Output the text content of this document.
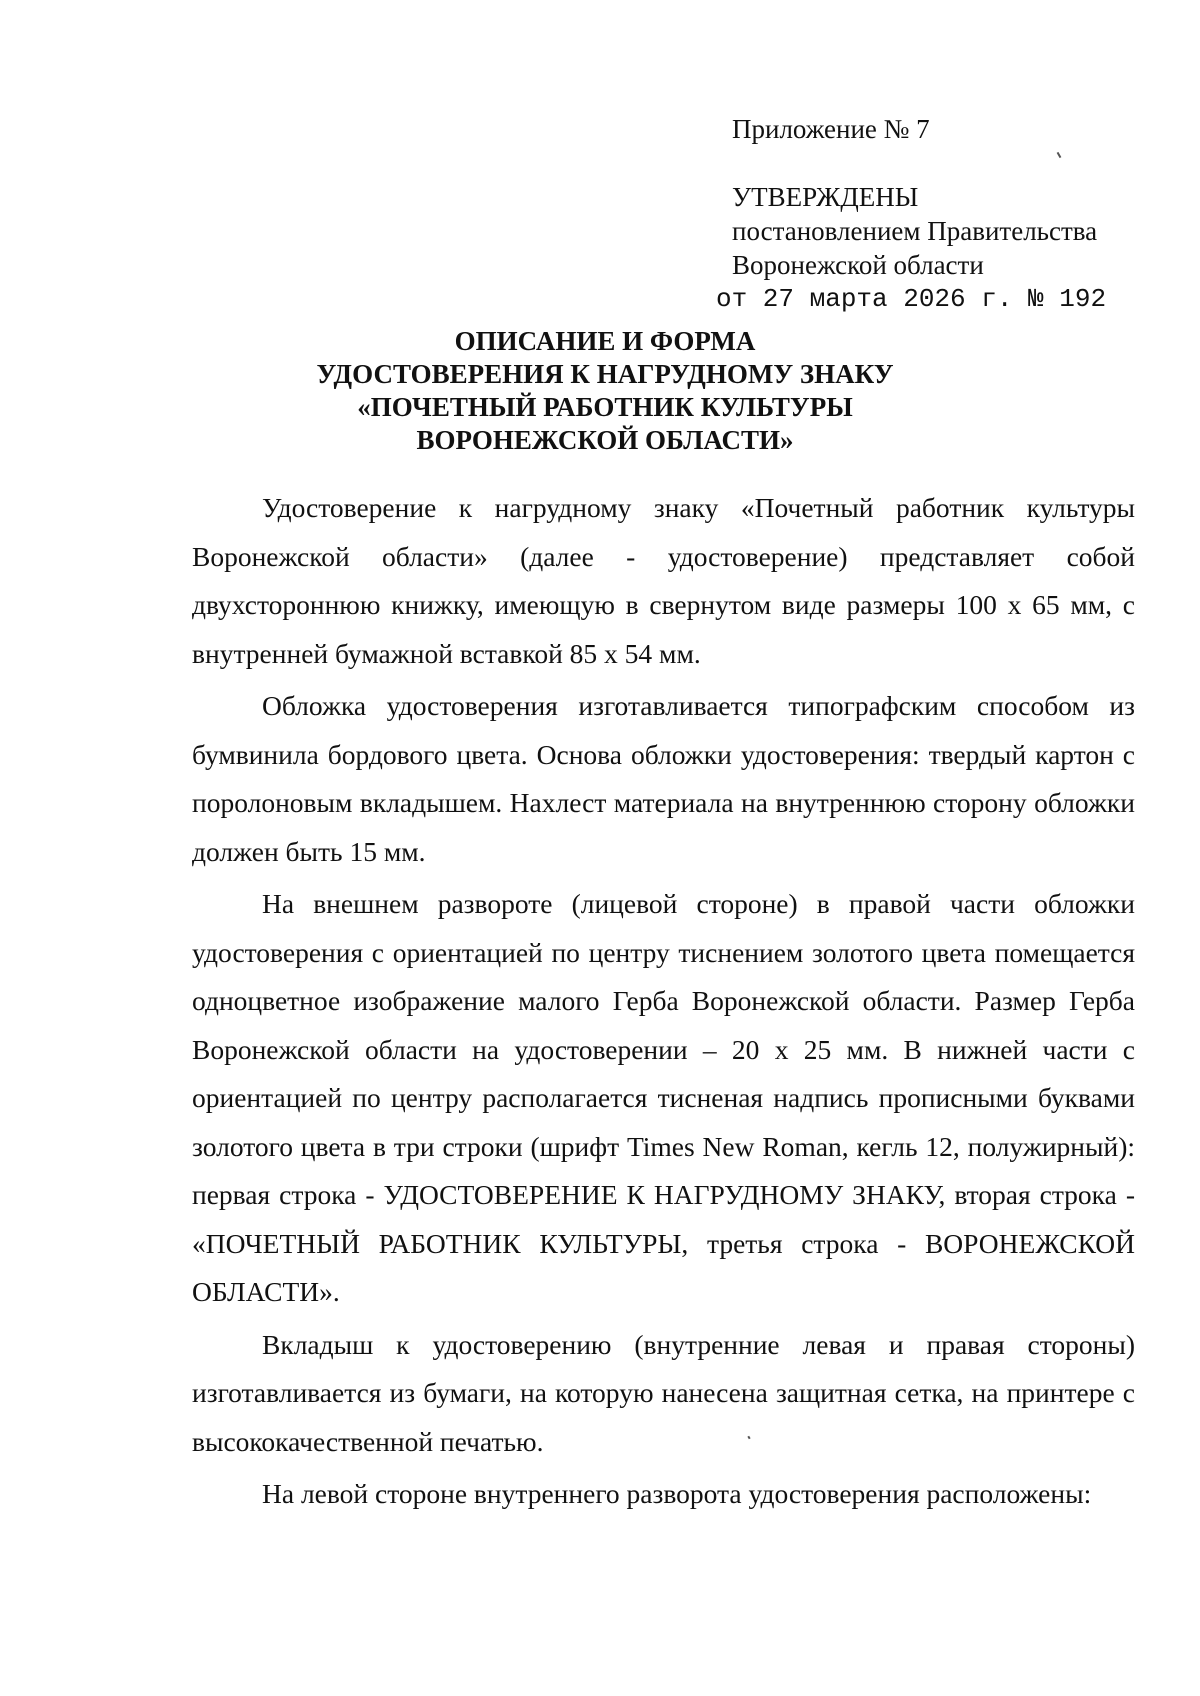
Приложение № 7
УТВЕРЖДЕНЫ
постановлением Правительства
Воронежской области
от 27 марта 2026 г. № 192
ОПИСАНИЕ И ФОРМА
УДОСТОВЕРЕНИЯ К НАГРУДНОМУ ЗНАКУ
«ПОЧЕТНЫЙ РАБОТНИК КУЛЬТУРЫ
ВОРОНЕЖСКОЙ ОБЛАСТИ»

Удостоверение к нагрудному знаку «Почетный работник культуры Воронежской области» (далее - удостоверение) представляет собой двухстороннюю книжку, имеющую в свернутом виде размеры 100 х 65 мм, с внутренней бумажной вставкой 85 х 54 мм.

Обложка удостоверения изготавливается типографским способом из бумвинила бордового цвета. Основа обложки удостоверения: твердый картон с поролоновым вкладышем. Нахлест материала на внутреннюю сторону обложки должен быть 15 мм.

На внешнем развороте (лицевой стороне) в правой части обложки удостоверения с ориентацией по центру тиснением золотого цвета помещается одноцветное изображение малого Герба Воронежской области. Размер Герба Воронежской области на удостоверении – 20 х 25 мм. В нижней части с ориентацией по центру располагается тисненая надпись прописными буквами золотого цвета в три строки (шрифт Times New Roman, кегль 12, полужирный): первая строка - УДОСТОВЕРЕНИЕ К НАГРУДНОМУ ЗНАКУ, вторая строка - «ПОЧЕТНЫЙ РАБОТНИК КУЛЬТУРЫ, третья строка - ВОРОНЕЖСКОЙ ОБЛАСТИ».

Вкладыш к удостоверению (внутренние левая и правая стороны) изготавливается из бумаги, на которую нанесена защитная сетка, на принтере с высококачественной печатью.

На левой стороне внутреннего разворота удостоверения расположены:
